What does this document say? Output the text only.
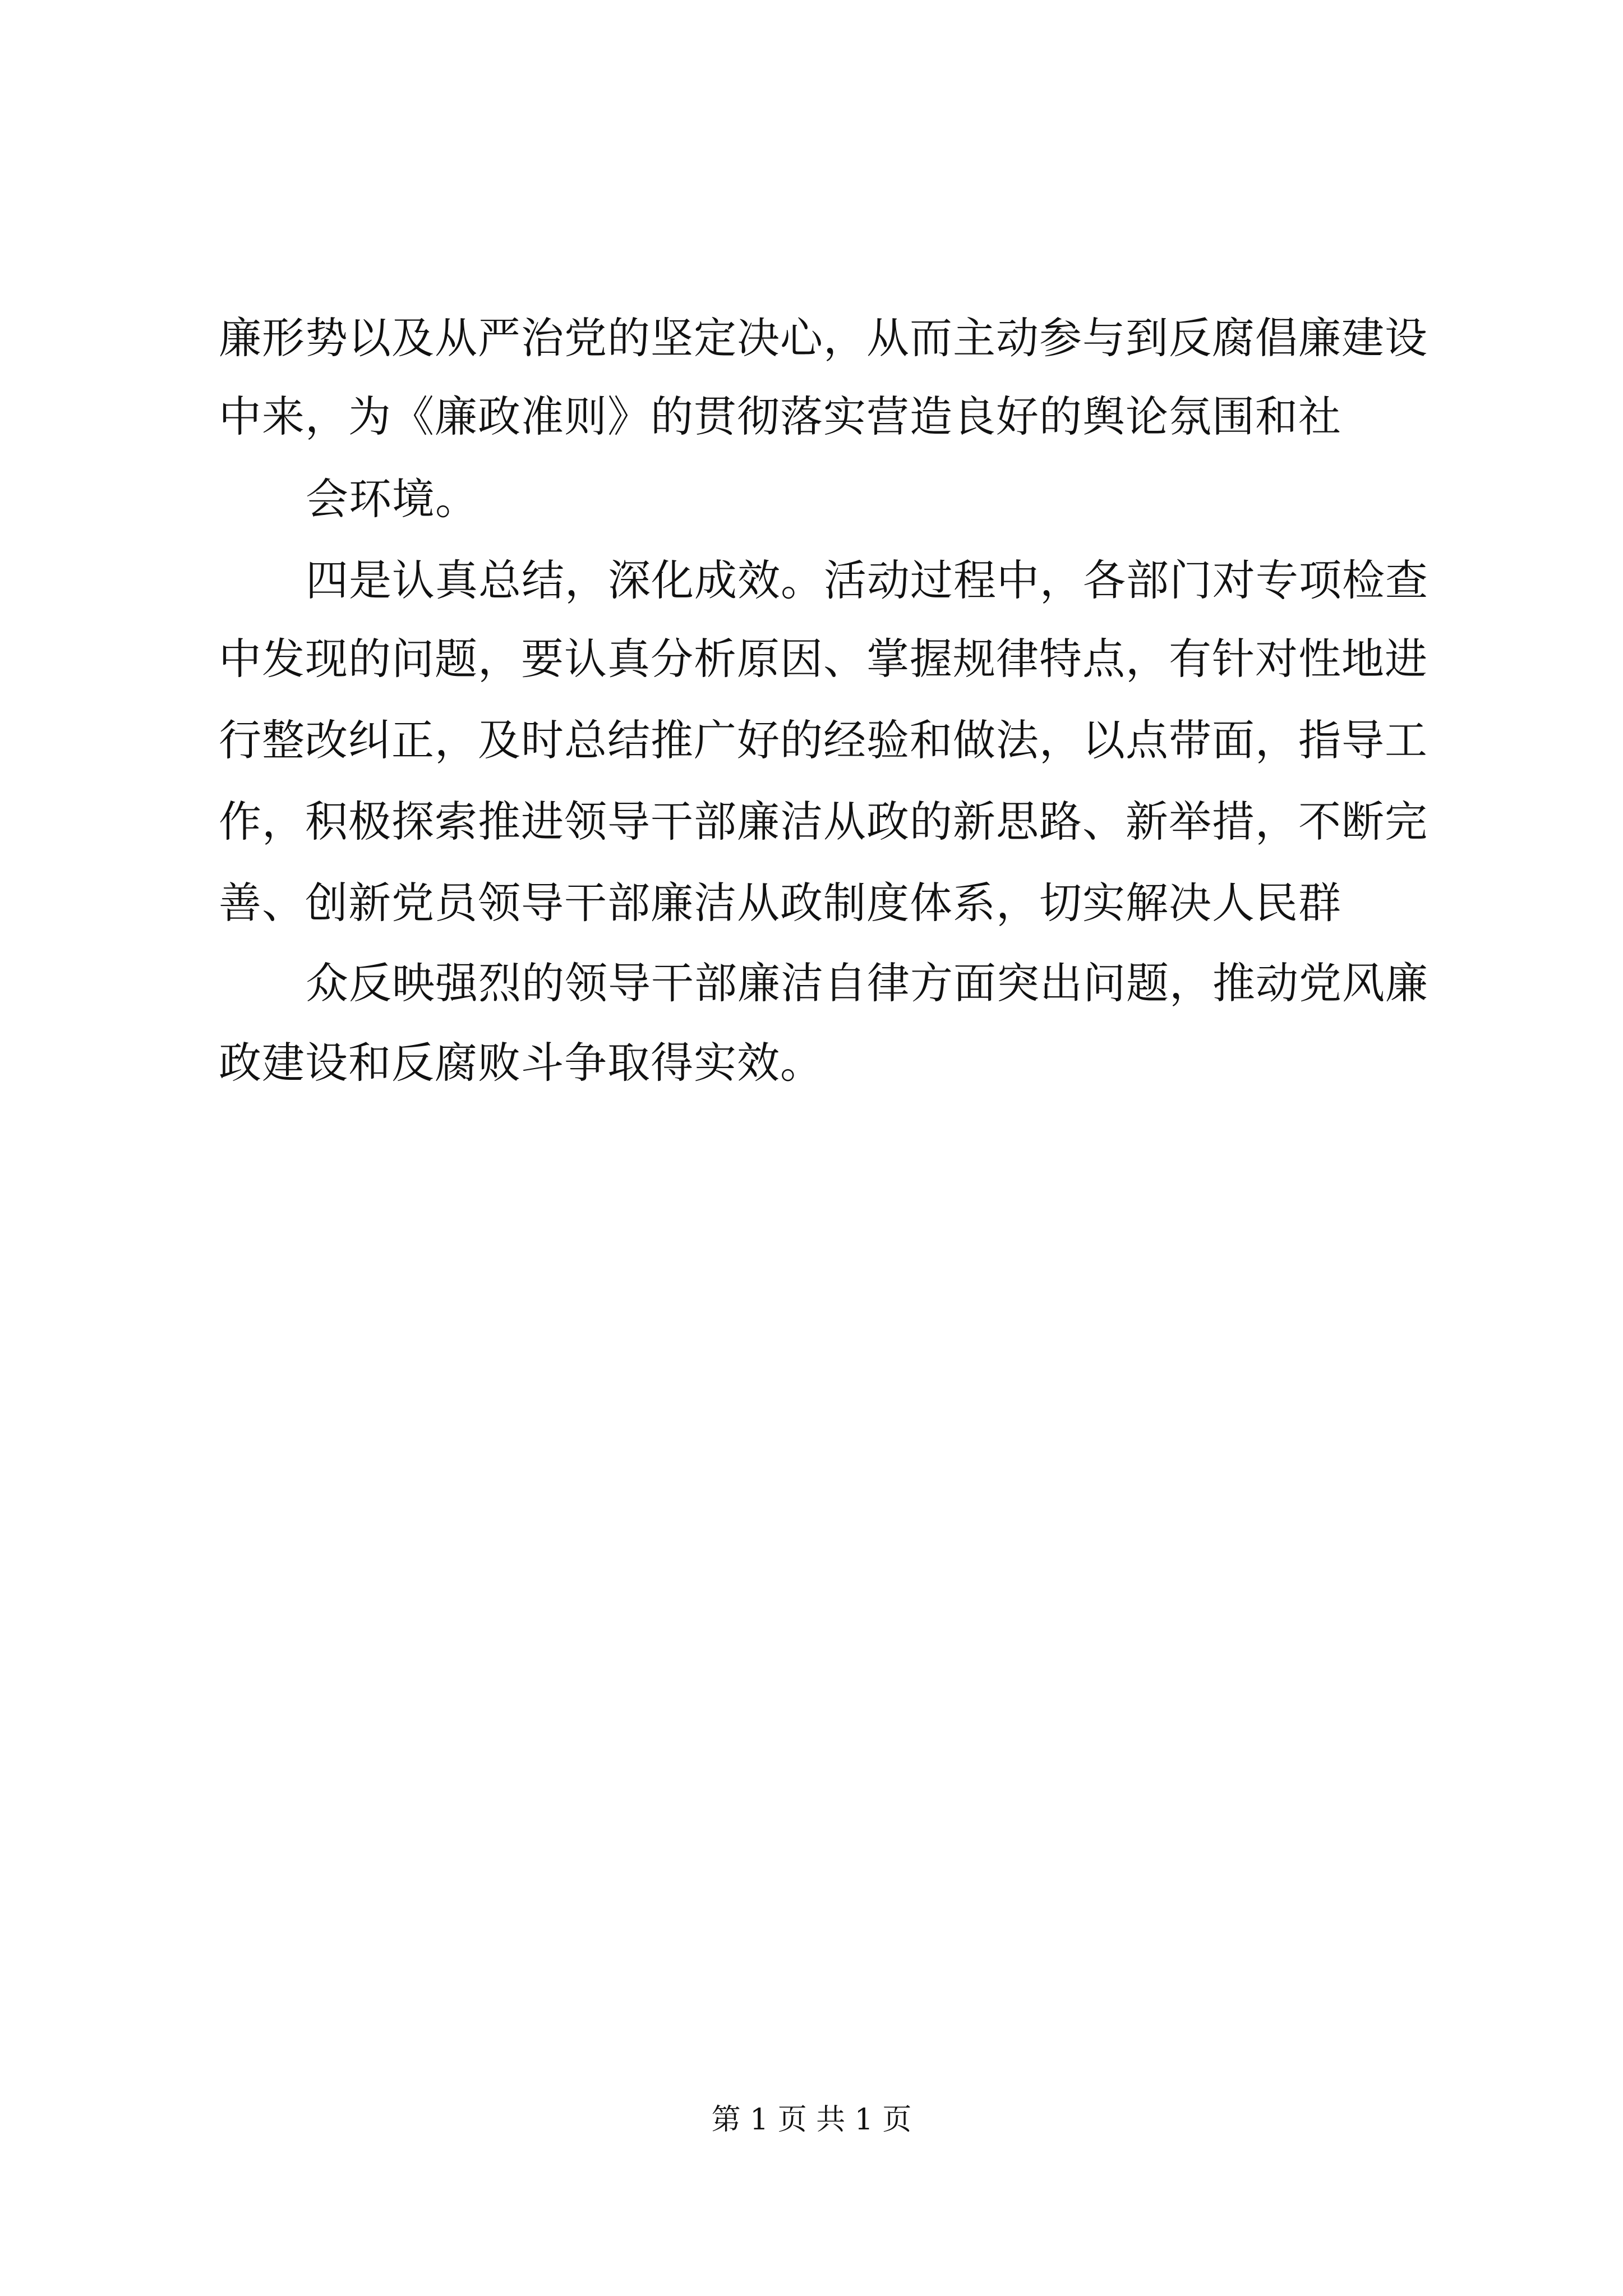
廉形势以及从严治党的坚定决心，从而主动参与到反腐倡廉建设
中来，为《廉政准则》的贯彻落实营造良好的舆论氛围和社
会环境。
四是认真总结，深化成效。活动过程中，各部门对专项检查
中发现的问题，要认真分析原因、掌握规律特点，有针对性地进
行整改纠正，及时总结推广好的经验和做法，以点带面，指导工
作，积极探索推进领导干部廉洁从政的新思路、新举措，不断完
善、创新党员领导干部廉洁从政制度体系，切实解决人民群
众反映强烈的领导干部廉洁自律方面突出问题，推动党风廉
政建设和反腐败斗争取得实效。
第 1 页 共 1 页
